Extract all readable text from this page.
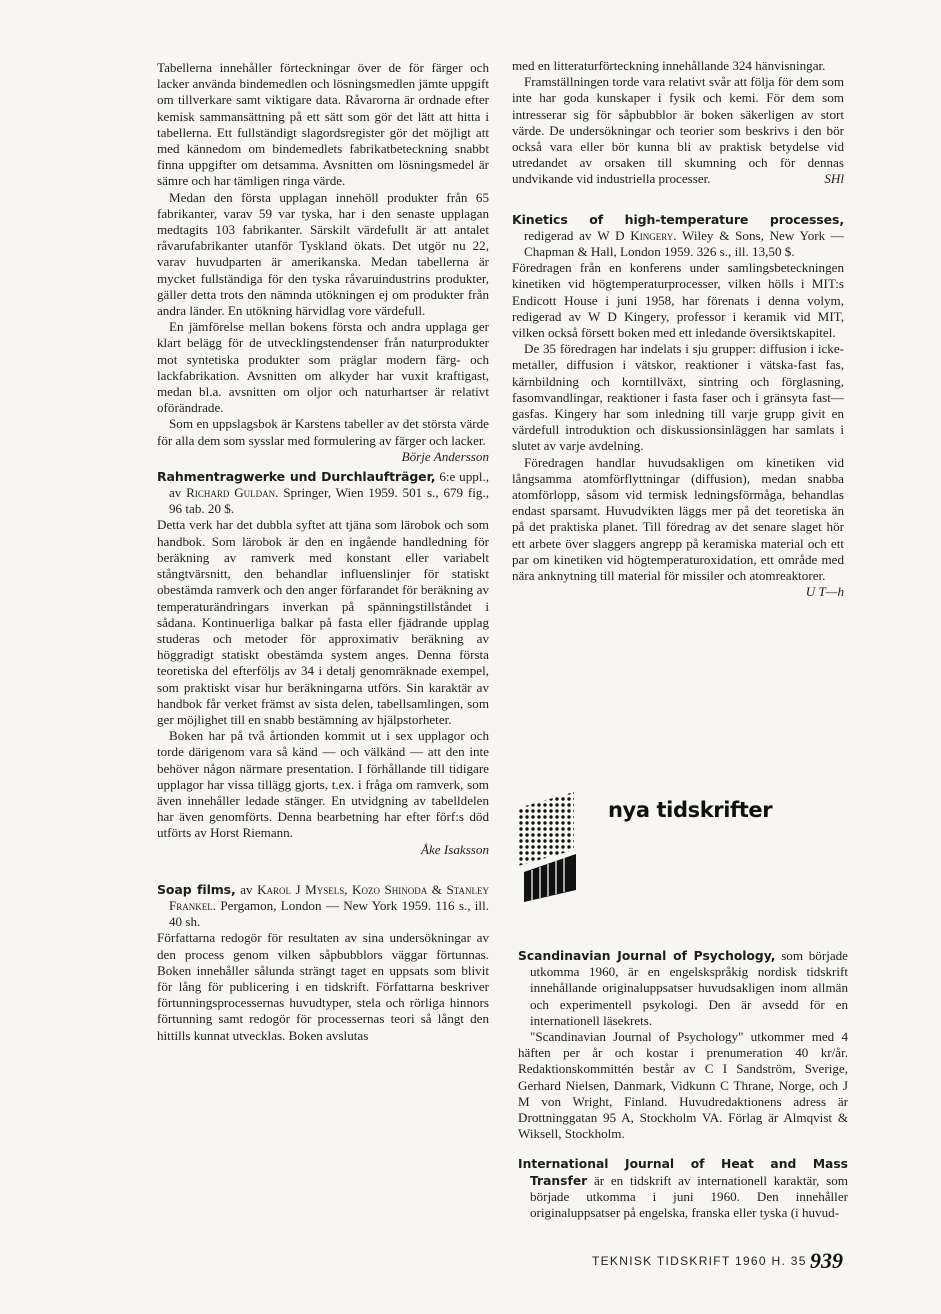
Tabellerna innehåller förteckningar över de för färger och lacker använda bindemedlen och lösningsmedlen jämte uppgift om tillverkare samt viktigare data. Råvarorna är ordnade efter kemisk sammansättning på ett sätt som gör det lätt att hitta i tabellerna. Ett fullständigt slagordsregister gör det möjligt att med kännedom om bindemedlets fabrikatbeteckning snabbt finna uppgifter om detsamma. Avsnitten om lösningsmedel är sämre och har tämligen ringa värde.

Medan den första upplagan innehöll produkter från 65 fabrikanter, varav 59 var tyska, har i den senaste upplagan medtagits 103 fabrikanter. Särskilt värdefullt är att antalet råvarufabrikanter utanför Tyskland ökats. Det utgör nu 22, varav huvudparten är amerikanska. Medan tabellerna är mycket fullständiga för den tyska råvaruindustrins produkter, gäller detta trots den nämnda utökningen ej om produkter från andra länder. En utökning härvidlag vore värdefull.

En jämförelse mellan bokens första och andra upplaga ger klart belägg för de utvecklingstendenser från naturprodukter mot syntetiska produkter som präglar modern färg- och lackfabrikation. Avsnitten om alkyder har vuxit kraftigast, medan bl.a. avsnitten om oljor och naturhartser är relativt oförändrade.

Som en uppslagsbok är Karstens tabeller av det största värde för alla dem som sysslar med formulering av färger och lacker.
Börje Andersson

Rahmentragwerke und Durchlaufträger, 6:e uppl., av Richard Guldan. Springer, Wien 1959. 501 s., 679 fig., 96 tab. 20 $.

Detta verk har det dubbla syftet att tjäna som lärobok och som handbok. Som lärobok är den en ingående handledning för beräkning av ramverk med konstant eller variabelt stångtvärsnitt, den behandlar influenslinjer för statiskt obestämda ramverk och den anger förfarandet för beräkning av temperaturändringars inverkan på spänningstillståndet i sådana. Kontinuerliga balkar på fasta eller fjädrande upplag studeras och metoder för approximativ beräkning av höggradigt statiskt obestämda system anges. Denna första teoretiska del efterföljs av 34 i detalj genomräknade exempel, som praktiskt visar hur beräkningarna utförs. Sin karaktär av handbok får verket främst av sista delen, tabellsamlingen, som ger möjlighet till en snabb bestämning av hjälpstorheter.

Boken har på två årtionden kommit ut i sex upplagor och torde därigenom vara så känd — och välkänd — att den inte behöver någon närmare presentation. I förhållande till tidigare upplagor har vissa tillägg gjorts, t.ex. i fråga om ramverk, som även innehåller ledade stänger. En utvidgning av tabelldelen har även genomförts. Denna bearbetning har efter förf:s död utförts av Horst Riemann.

Åke Isaksson

Soap films, av Karol J Mysels, Kozo Shinoda & Stanley Frankel. Pergamon, London — New York 1959. 116 s., ill. 40 sh.

Författarna redogör för resultaten av sina undersökningar av den process genom vilken såpbubblors väggar förtunnas. Boken innehåller sålunda strängt taget en uppsats som blivit för lång för publicering i en tidskrift. Författarna beskriver förtunningsprocessernas huvudtyper, stela och rörliga hinnors förtunning samt redogör för processernas teori så långt den hittills kunnat utvecklas. Boken avslutas

med en litteraturförteckning innehållande 324 hänvisningar.

Framställningen torde vara relativt svår att följa för dem som inte har goda kunskaper i fysik och kemi. För dem som intresserar sig för såpbubblor är boken säkerligen av stort värde. De undersökningar och teorier som beskrivs i den bör också vara eller bör kunna bli av praktisk betydelse vid utredandet av orsaken till skumning och för dennas undvikande vid industriella processer.	SHl

Kinetics of high-temperature processes, redigerad av W D Kingery. Wiley & Sons, New York — Chapman & Hall, London 1959. 326 s., ill. 13,50 $.

Föredragen från en konferens under samlingsbeteckningen kinetiken vid högtemperaturprocesser, vilken hölls i MIT:s Endicott House i juni 1958, har förenats i denna volym, redigerad av W D Kingery, professor i keramik vid MIT, vilken också försett boken med ett inledande översiktskapitel.

De 35 föredragen har indelats i sju grupper: diffusion i icke-metaller, diffusion i vätskor, reaktioner i vätska-fast fas, kärnbildning och korntillväxt, sintring och förglasning, fasomvandlingar, reaktioner i fasta faser och i gränsyta fast—gasfas. Kingery har som inledning till varje grupp givit en värdefull introduktion och diskussionsinläggen har samlats i slutet av varje avdelning.

Föredragen handlar huvudsakligen om kinetiken vid långsamma atomförflyttningar (diffusion), medan snabba atomförlopp, såsom vid termisk ledningsförmåga, behandlas endast sparsamt. Huvudvikten läggs mer på det teoretiska än på det praktiska planet. Till föredrag av det senare slaget hör ett arbete över slaggers angrepp på keramiska material och ett par om kinetiken vid högtemperaturoxidation, ett område med nära anknytning till material för missiler och atomreaktorer.

U T—h

nya tidskrifter

Scandinavian Journal of Psychology, som började utkomma 1960, är en engelskspråkig nordisk tidskrift innehållande originaluppsatser huvudsakligen inom allmän och experimentell psykologi. Den är avsedd för en internationell läsekrets.

"Scandinavian Journal of Psychology" utkommer med 4 häften per år och kostar i prenumeration 40 kr/år. Redaktionskommittén består av C I Sandström, Sverige, Gerhard Nielsen, Danmark, Vidkunn C Thrane, Norge, och J M von Wright, Finland. Huvudredaktionens adress är Drottninggatan 95 A, Stockholm VA. Förlag är Almqvist & Wiksell, Stockholm.

International Journal of Heat and Mass Transfer är en tidskrift av internationell karaktär, som började utkomma i juni 1960. Den innehåller originaluppsatser på engelska, franska eller tyska (i huvud-

TEKNISK TIDSKRIFT 1960 H. 35 939
